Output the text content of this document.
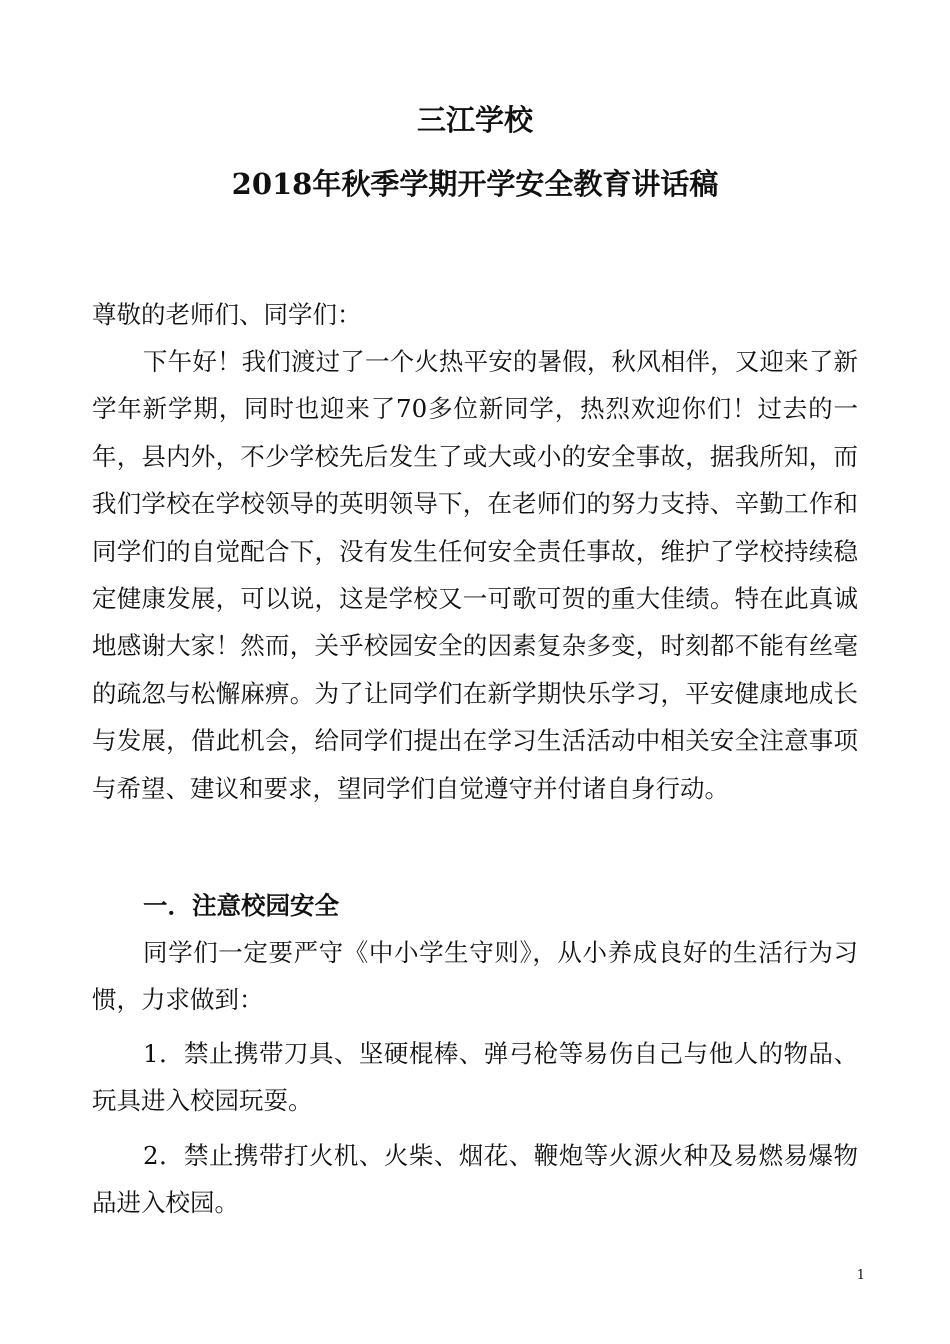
三江学校
2018年秋季学期开学安全教育讲话稿

尊敬的老师们、同学们：

下午好！我们渡过了一个火热平安的暑假，秋风相伴，又迎来了新学年新学期，同时也迎来了70多位新同学，热烈欢迎你们！过去的一年，县内外，不少学校先后发生了或大或小的安全事故，据我所知，而我们学校在学校领导的英明领导下，在老师们的努力支持、辛勤工作和同学们的自觉配合下，没有发生任何安全责任事故，维护了学校持续稳定健康发展，可以说，这是学校又一可歌可贺的重大佳绩。特在此真诚地感谢大家！然而，关乎校园安全的因素复杂多变，时刻都不能有丝毫的疏忽与松懈麻痹。为了让同学们在新学期快乐学习，平安健康地成长与发展，借此机会，给同学们提出在学习生活活动中相关安全注意事项与希望、建议和要求，望同学们自觉遵守并付诸自身行动。

一．注意校园安全

同学们一定要严守《中小学生守则》，从小养成良好的生活行为习惯，力求做到：

1．禁止携带刀具、坚硬棍棒、弹弓枪等易伤自己与他人的物品、玩具进入校园玩耍。

2．禁止携带打火机、火柴、烟花、鞭炮等火源火种及易燃易爆物品进入校园。

1
